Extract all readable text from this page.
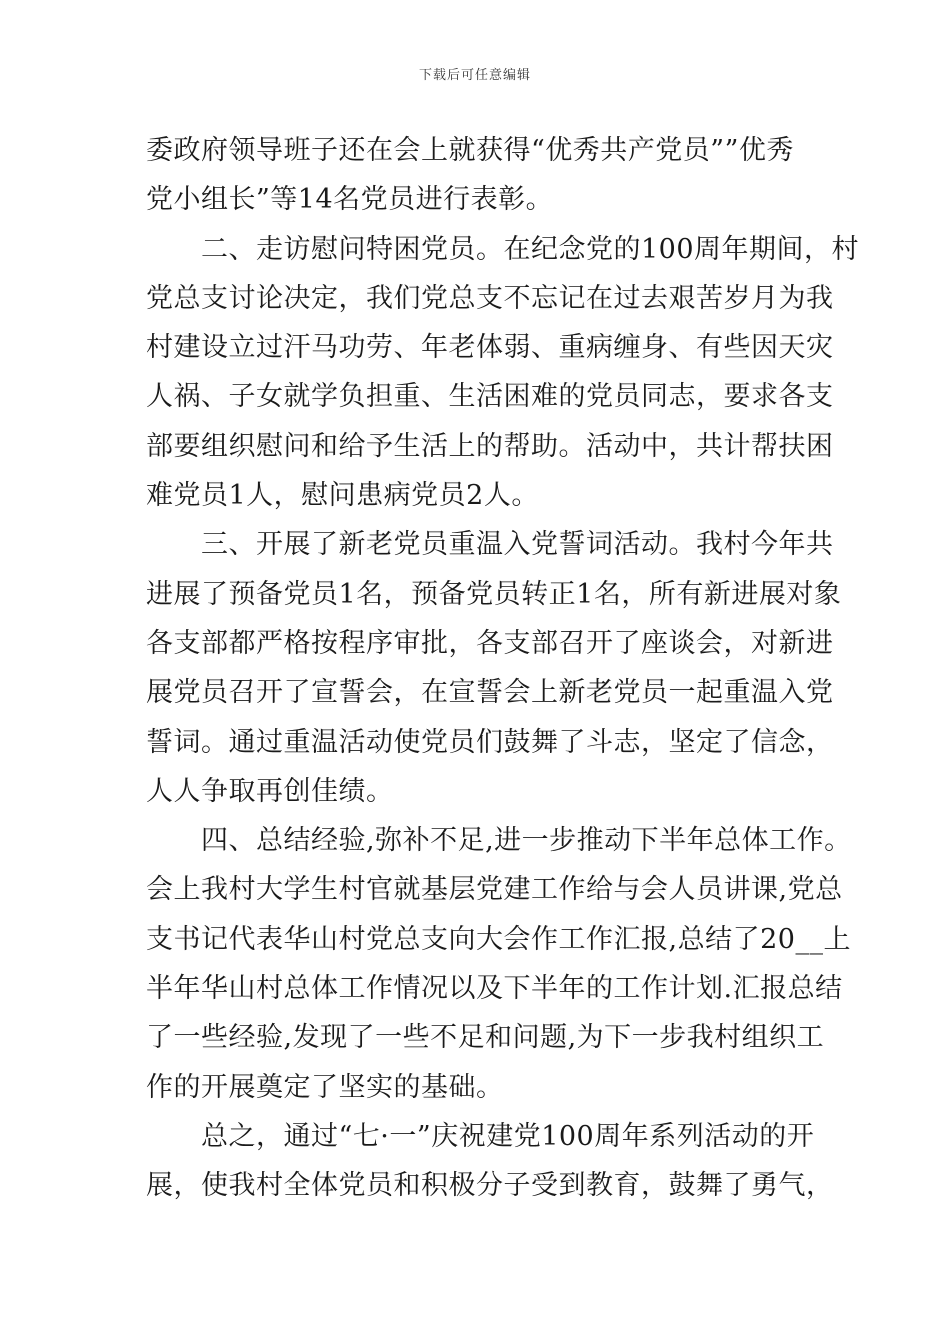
下载后可任意编辑
委政府领导班子还在会上就获得“优秀共产党员””优秀
党小组长”等14名党员进行表彰。
　　二、走访慰问特困党员。在纪念党的100周年期间，村
党总支讨论决定，我们党总支不忘记在过去艰苦岁月为我
村建设立过汗马功劳、年老体弱、重病缠身、有些因天灾
人祸、子女就学负担重、生活困难的党员同志，要求各支
部要组织慰问和给予生活上的帮助。活动中，共计帮扶困
难党员1人，慰问患病党员2人。
　　三、开展了新老党员重温入党誓词活动。我村今年共
进展了预备党员1名，预备党员转正1名，所有新进展对象
各支部都严格按程序审批，各支部召开了座谈会，对新进
展党员召开了宣誓会，在宣誓会上新老党员一起重温入党
誓词。通过重温活动使党员们鼓舞了斗志，坚定了信念，
人人争取再创佳绩。
　　四、总结经验,弥补不足,进一步推动下半年总体工作。
会上我村大学生村官就基层党建工作给与会人员讲课,党总
支书记代表华山村党总支向大会作工作汇报,总结了20__上
半年华山村总体工作情况以及下半年的工作计划.汇报总结
了一些经验,发现了一些不足和问题,为下一步我村组织工
作的开展奠定了坚实的基础。
　　总之，通过“七·一”庆祝建党100周年系列活动的开
展，使我村全体党员和积极分子受到教育，鼓舞了勇气，
